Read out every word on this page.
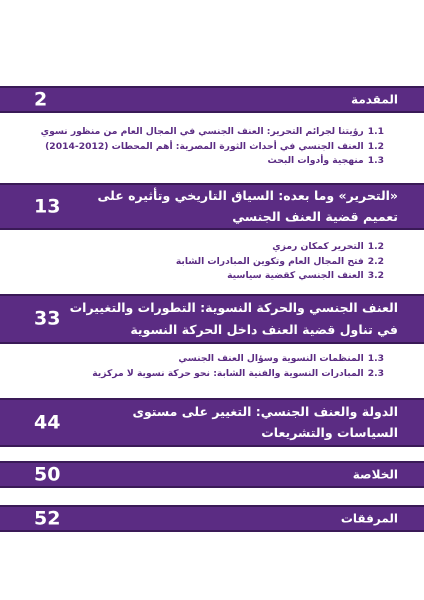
2	المقدمة
1.1رؤيتنا لجرائم التحرير: العنف الجنسي في المجال العام من منظور نسوي
1.2العنف الجنسي في أحداث الثورة المصرية: أهم المحطات (2012-2014)
1.3منهجية وأدوات البحث
13	«التحرير» وما بعده: السياق التاريخي وتأثيره على تعميم قضية العنف الجنسي
1.2التحرير كمكان رمزي
2.2فتح المجال العام وتكوين المبادرات الشابة
3.2العنف الجنسي كقضية سياسية
33 العنف الجنسي والحركة النسوية: التطورات والتغييرات في تناول قضية العنف داخل الحركة النسوية
1.3المنظمات النسوية وسؤال العنف الجنسي
2.3المبادرات النسوية والفنية الشابة: نحو حركة نسوية لا مركزية
44	الدولة والعنف الجنسي: التغيير على مستوى السياسات والتشريعات
50	الخلاصة
52	المرفقات
